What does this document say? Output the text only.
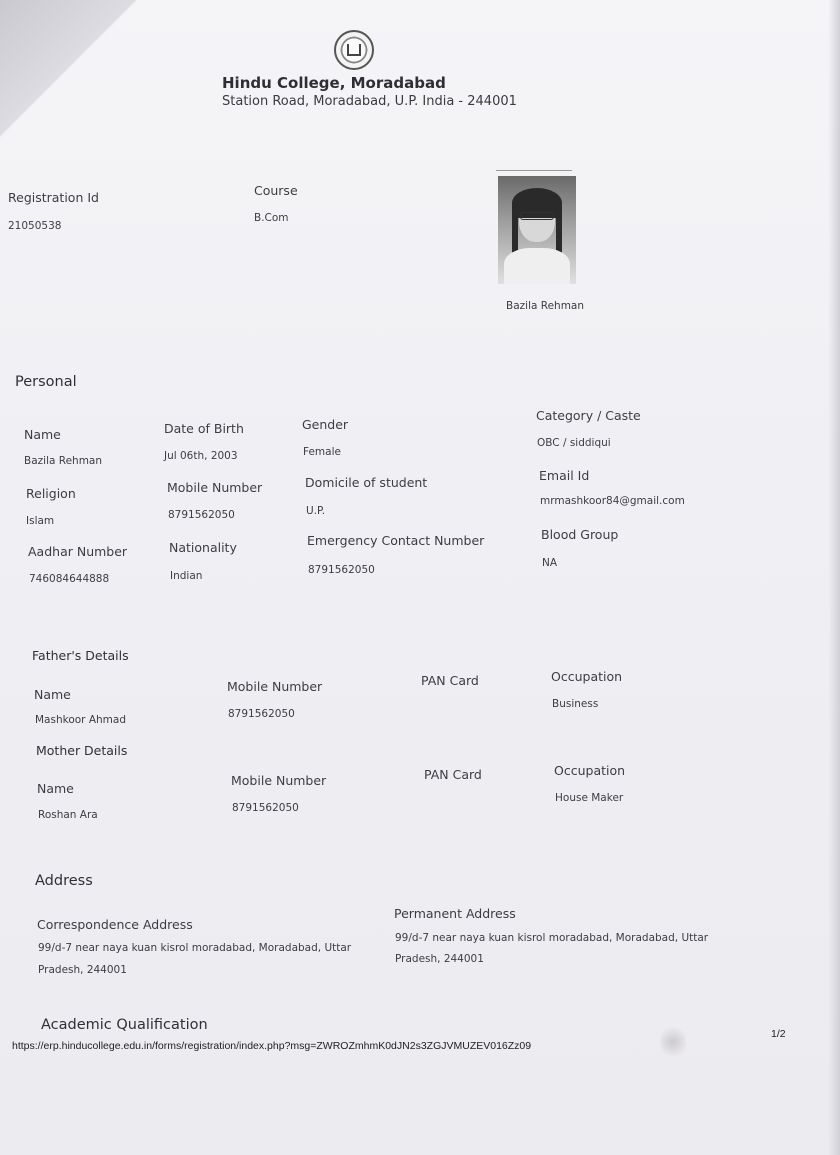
Hindu College, Moradabad
Station Road, Moradabad, U.P. India - 244001
Registration Id
21050538
Course
B.Com
Bazila Rehman
Personal
Name
Bazila Rehman
Date of Birth
Jul 06th, 2003
Gender
Female
Category / Caste
OBC / siddiqui
Religion
Islam
Mobile Number
8791562050
Domicile of student
U.P.
Email Id
mrmashkoor84@gmail.com
Aadhar Number
746084644888
Nationality
Indian
Emergency Contact Number
8791562050
Blood Group
NA
Father's Details
Name
Mashkoor Ahmad
Mobile Number
8791562050
PAN Card	Occupation
Business
Mother Details
Name
Roshan Ara
Mobile Number
8791562050
PAN Card	Occupation
House Maker
Address
Correspondence Address
99/d-7 near naya kuan kisrol moradabad, Moradabad, Uttar
Pradesh, 244001
Permanent Address
99/d-7 near naya kuan kisrol moradabad, Moradabad, Uttar
Pradesh, 244001
Academic Qualification
https://erp.hinducollege.edu.in/forms/registration/index.php?msg=ZWROZmhmK0dJN2s3ZGJVMUZEV016Zz09
1/2
